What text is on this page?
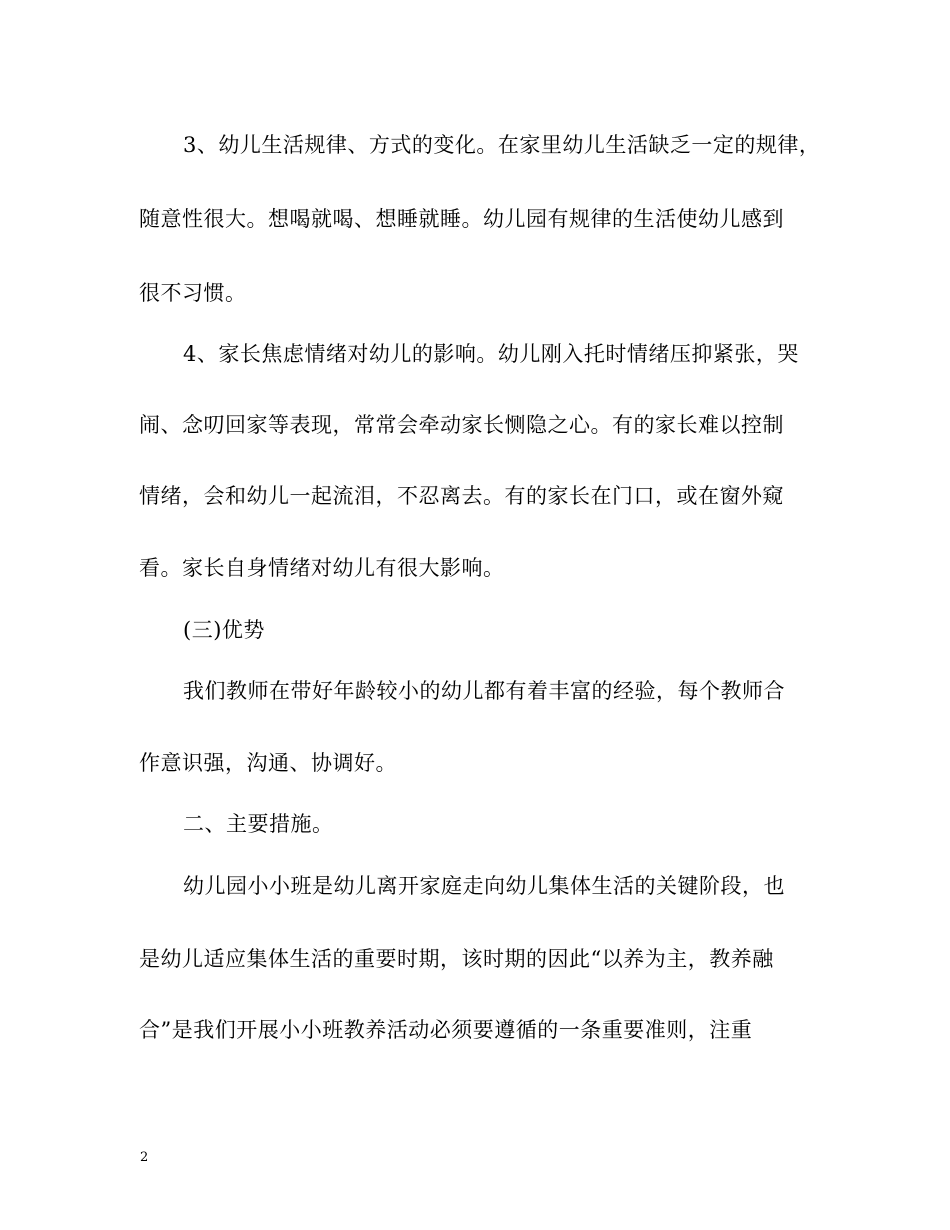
3、幼儿生活规律、方式的变化。在家里幼儿生活缺乏一定的规律，
随意性很大。想喝就喝、想睡就睡。幼儿园有规律的生活使幼儿感到
很不习惯。
4、家长焦虑情绪对幼儿的影响。幼儿刚入托时情绪压抑紧张，哭
闹、念叨回家等表现，常常会牵动家长恻隐之心。有的家长难以控制
情绪，会和幼儿一起流泪，不忍离去。有的家长在门口，或在窗外窥
看。家长自身情绪对幼儿有很大影响。
(三)优势
我们教师在带好年龄较小的幼儿都有着丰富的经验，每个教师合
作意识强，沟通、协调好。
二、主要措施。
幼儿园小小班是幼儿离开家庭走向幼儿集体生活的关键阶段，也
是幼儿适应集体生活的重要时期，该时期的因此“以养为主，教养融
合”是我们开展小小班教养活动必须要遵循的一条重要准则，注重
2
